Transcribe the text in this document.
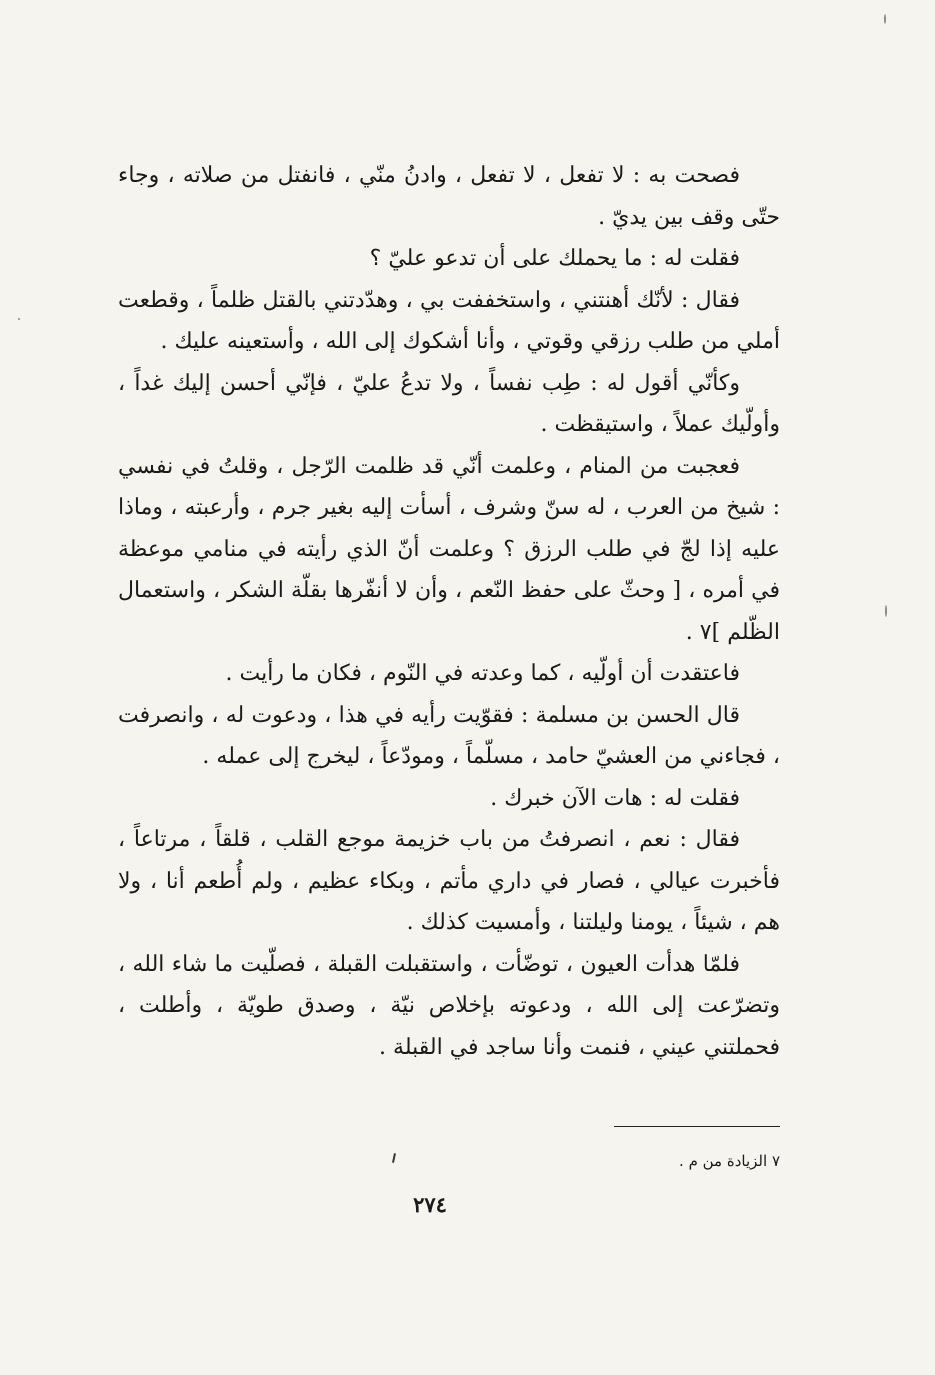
فصحت به : لا تفعل ، لا تفعل ، وادنُ منّي ، فانفتل من صلاته ، وجاء حتّى وقف بين يديّ .

فقلت له : ما يحملك على أن تدعو عليّ ؟

فقال : لأنّك أهنتني ، واستخففت بي ، وهدّدتني بالقتل ظلماً ، وقطعت أملي من طلب رزقي وقوتي ، وأنا أشكوك إلى الله ، وأستعينه عليك .

وكأنّي أقول له : طِب نفساً ، ولا تدعُ عليّ ، فإنّي أحسن إليك غداً ، وأولّيك عملاً ، واستيقظت .

فعجبت من المنام ، وعلمت أنّي قد ظلمت الرّجل ، وقلتُ في نفسي : شيخ من العرب ، له سنّ وشرف ، أسأت إليه بغير جرم ، وأرعبته ، وماذا عليه إذا لجّ في طلب الرزق ؟ وعلمت أنّ الذي رأيته في منامي موعظة في أمره ، [ وحثّ على حفظ النّعم ، وأن لا أنفّرها بقلّة الشكر ، واستعمال الظّلم ]٧ .

فاعتقدت أن أولّيه ، كما وعدته في النّوم ، فكان ما رأيت .

قال الحسن بن مسلمة : فقوّيت رأيه في هذا ، ودعوت له ، وانصرفت ، فجاءني من العشيّ حامد ، مسلّماً ، ومودّعاً ، ليخرج إلى عمله .

فقلت له : هات الآن خبرك .

فقال : نعم ، انصرفتُ من باب خزيمة موجع القلب ، قلقاً ، مرتاعاً ، فأخبرت عيالي ، فصار في داري مأتم ، وبكاء عظيم ، ولم أُطعم أنا ، ولا هم ، شيئاً ، يومنا وليلتنا ، وأمسيت كذلك .

فلمّا هدأت العيون ، توضّأت ، واستقبلت القبلة ، فصلّيت ما شاء الله ، وتضرّعت إلى الله ، ودعوته بإخلاص نيّة ، وصدق طويّة ، وأطلت ، فحملتني عيني ، فنمت وأنا ساجد في القبلة .

٧ الزيادة من م .
٢٧٤
